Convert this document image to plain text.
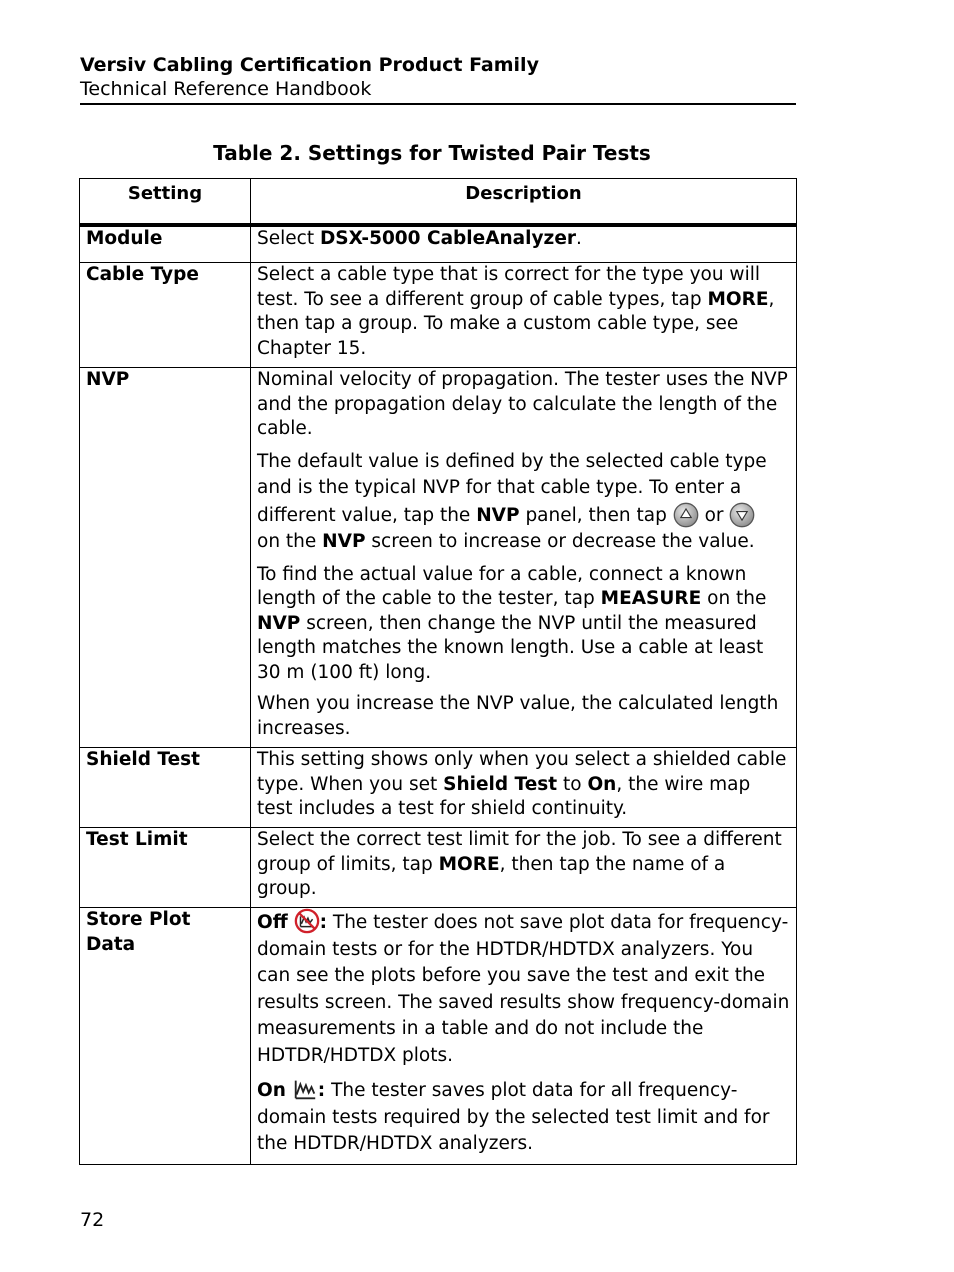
Versiv Cabling Certification Product Family
Technical Reference Handbook
Table 2. Settings for Twisted Pair Tests
Setting	Description
Module	Select DSX-5000 CableAnalyzer.
Cable Type	Select a cable type that is correct for the type you will test. To see a different group of cable types, tap MORE, then tap a group. To make a custom cable type, see Chapter 15.
NVP	Nominal velocity of propagation. The tester uses the NVP and the propagation delay to calculate the length of the cable.

The default value is defined by the selected cable type and is the typical NVP for that cable type. To enter a different value, tap the NVP panel, then tap  or
on the NVP screen to increase or decrease the value.

To find the actual value for a cable, connect a known length of the cable to the tester, tap MEASURE on the NVP screen, then change the NVP until the measured length matches the known length. Use a cable at least 30 m (100 ft) long.

When you increase the NVP value, the calculated length increases.

Shield Test	This setting shows only when you select a shielded cable type. When you set Shield Test to On, the wire map test includes a test for shield continuity.
Test Limit	Select the correct test limit for the job. To see a different group of limits, tap MORE, then tap the name of a group.
Store Plot Data	Off : The tester does not save plot data for frequency-domain tests or for the HDTDR/HDTDX analyzers. You can see the plots before you save the test and exit the results screen. The saved results show frequency-domain measurements in a table and do not include the HDTDR/HDTDX plots.

On : The tester saves plot data for all frequency-domain tests required by the selected test limit and for the HDTDR/HDTDX analyzers.

72
